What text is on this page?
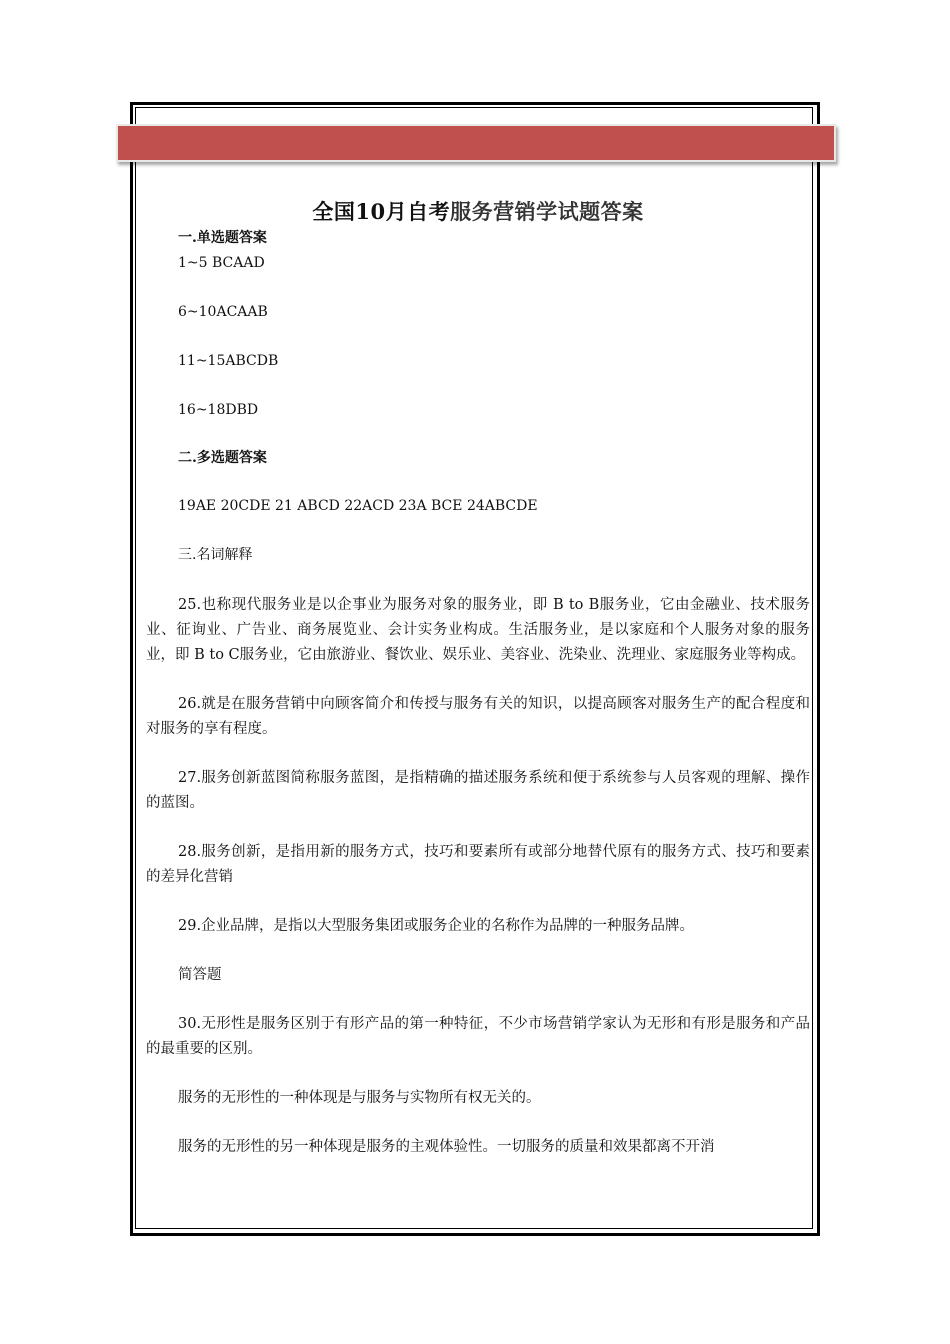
全国10月自考服务营销学试题答案

一.单选题答案

1~5 BCAAD

6~10ACAAB

11~15ABCDB

16~18DBD

二.多选题答案

19AE 20CDE 21 ABCD 22ACD 23A BCE 24ABCDE

三.名词解释

25.也称现代服务业是以企事业为服务对象的服务业，即 B to B服务业，它由金融业、技术服务业、征询业、广告业、商务展览业、会计实务业构成。生活服务业，是以家庭和个人服务对象的服务业，即 B to C服务业，它由旅游业、餐饮业、娱乐业、美容业、洗染业、洗理业、家庭服务业等构成。

26.就是在服务营销中向顾客简介和传授与服务有关的知识，以提高顾客对服务生产的配合程度和对服务的享有程度。

27.服务创新蓝图简称服务蓝图，是指精确的描述服务系统和便于系统参与人员客观的理解、操作的蓝图。

28.服务创新，是指用新的服务方式，技巧和要素所有或部分地替代原有的服务方式、技巧和要素的差异化营销

29.企业品牌，是指以大型服务集团或服务企业的名称作为品牌的一种服务品牌。

简答题

30.无形性是服务区别于有形产品的第一种特征，不少市场营销学家认为无形和有形是服务和产品的最重要的区别。

服务的无形性的一种体现是与服务与实物所有权无关的。

服务的无形性的另一种体现是服务的主观体验性。一切服务的质量和效果都离不开消
